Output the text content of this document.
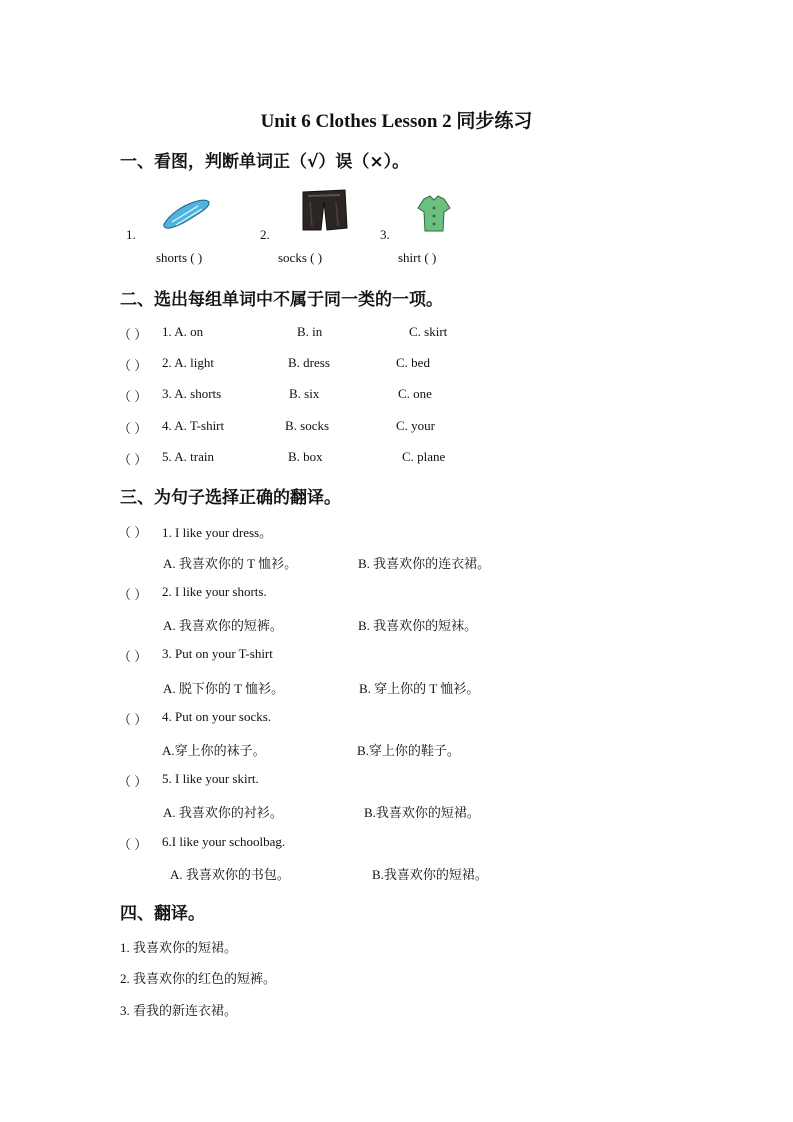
Unit 6 Clothes Lesson 2 同步练习
一、看图，判断单词正（√）误（×）。
1.
shorts ( )
2.
socks ( )
3.
shirt ( )
二、选出每组单词中不属于同一类的一项。
（ ） 1. A. on	B. in	C. skirt
（ ） 2. A. light	B. dress	C. bed
（ ） 3. A. shorts	B. six	C. one
（ ） 4. A. T-shirt	B. socks	C. your
（ ） 5. A. train	B. box	C. plane
三、为句子选择正确的翻译。
（ ） 1. I like your dress。
A. 我喜欢你的 T 恤衫。	B. 我喜欢你的连衣裙。
（ ） 2. I like your shorts.
A. 我喜欢你的短裤。	B. 我喜欢你的短袜。
（ ） 3. Put on your T-shirt
A. 脱下你的 T 恤衫。	B. 穿上你的 T 恤衫。
（ ） 4. Put on your socks.
A.穿上你的袜子。	B.穿上你的鞋子。
（ ） 5. I like your skirt.
A. 我喜欢你的衬衫。	B.我喜欢你的短裙。
（ ） 6.I like your schoolbag.
A. 我喜欢你的书包。	B.我喜欢你的短裙。
四、翻译。
1. 我喜欢你的短裙。
2. 我喜欢你的红色的短裤。
3. 看我的新连衣裙。
